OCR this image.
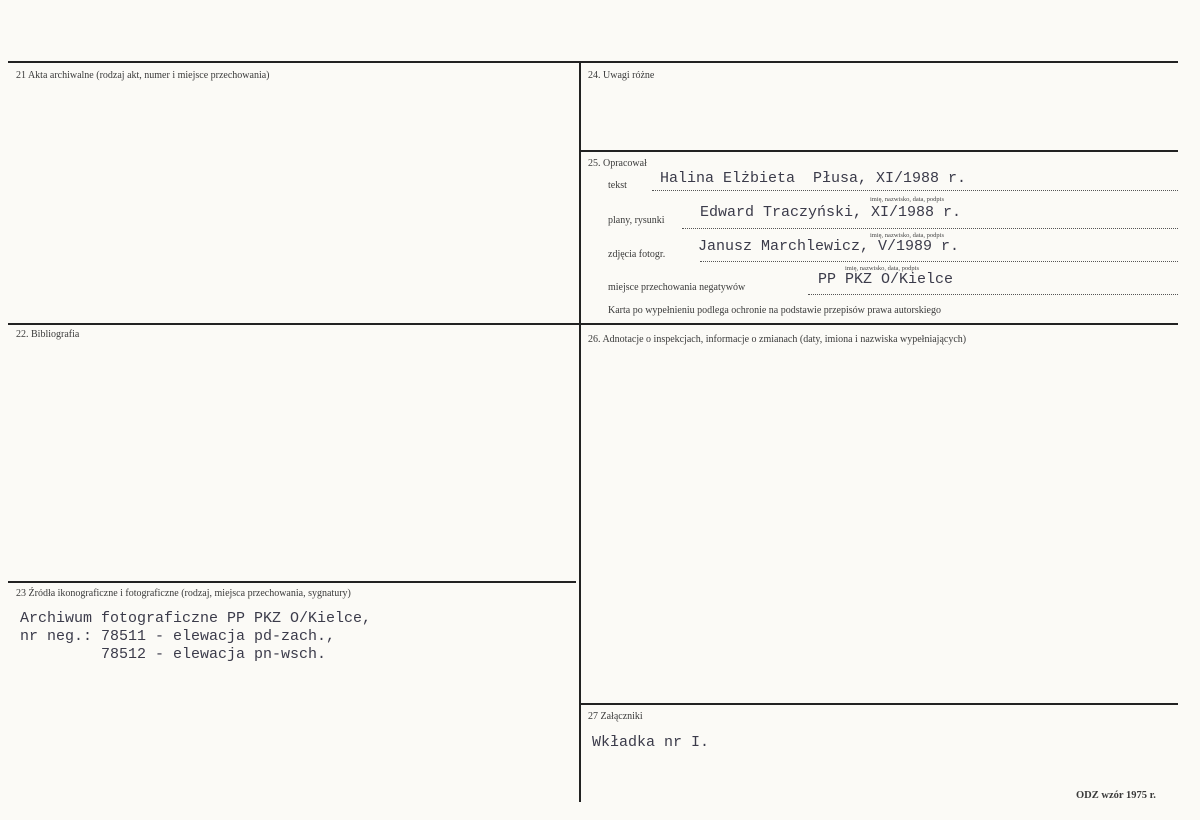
21 Akta archiwalne (rodzaj akt, numer i miejsce przechowania)
22. Bibliografia
23 Źródła ikonograficzne i fotograficzne (rodzaj, miejsca przechowania, sygnatury)
Archiwum fotograficzne PP PKZ O/Kielce,
nr neg.: 78511 - elewacja pd-zach.,
78512 - elewacja pn-wsch.
24. Uwagi różne
25. Opracował
tekst Halina Elżbieta  Płusa, XI/1988 r.
imię, nazwisko, data, podpis
plany, rysunki Edward Traczyński, XI/1988 r.
imię, nazwisko, data, podpis
zdjęcia fotogr. Janusz Marchlewicz, V/1989 r.
imię, nazwisko, data, podpis
miejsce przechowania negatywów	PP PKZ O/Kielce
Karta po wypełnieniu podlega ochronie na podstawie przepisów prawa autorskiego
26. Adnotacje o inspekcjach, informacje o zmianach (daty, imiona i nazwiska wypełniających)
27 Załączniki
Wkładka nr I.
ODZ wzór 1975 r.
